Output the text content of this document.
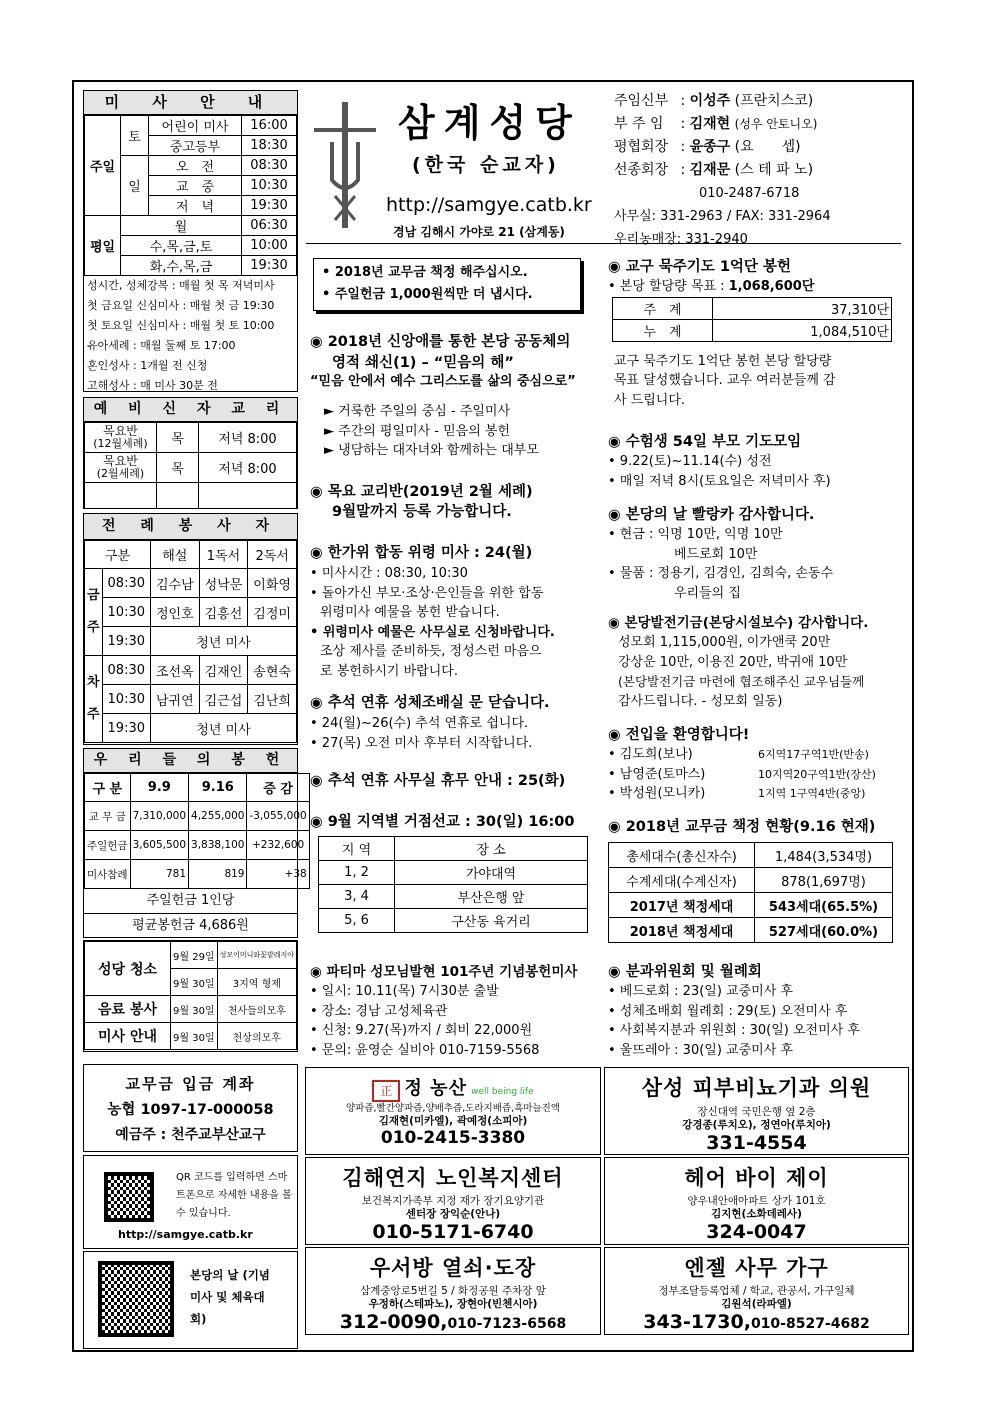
미 사 안 내
주일	토	어린이 미사	16:00
		중고등부	18:30
	일	오　전	08:30
		교　중	10:30
		저　녁	19:30
평일	월		06:30
	수,목,금,토		10:00
	화,수,목,금		19:30
성시간, 성체강복 : 매월 첫 목 저녁미사
첫 금요일 신심미사 : 매월 첫 금 19:30
첫 토요일 신심미사 : 매월 첫 토 10:00
유아세례 : 매월 둘째 토 17:00
혼인성사 : 1개월 전 신청
고해성사 : 매 미사 30분 전
예 비 신 자 교 리
목요반
(12월세례)	목	저녁 8:00
목요반
(2월세례)	목	저녁 8:00

전 례 봉 사 자
구분		해설	1독서	2독서
금주	08:30	김수남	성낙문	이화영
	10:30	정인호	김흥선	김정미
	19:30	청년 미사		
차주	08:30	조선옥	김재인	송현숙
	10:30	남귀연	김근섭	김난희
	19:30	청년 미사		
우 리 들 의 봉 헌
구 분	9.9	9.16	증 감
교 무 금	7,310,000	4,255,000	-3,055,000
주일헌금	3,605,500	3,838,100	+232,600
미사참례	781	819	+38
주일헌금 1인당
평균봉헌금 4,686원
성당 청소	9월 29일	성모어머니와꽃밭레지아
	9월 30일	3지역 형제
음료 봉사	9월 30일	천사들의모후
미사 안내	9월 30일	천상의모후
삼계성당
(한국 순교자)
http://samgye.catb.kr
경남 김해시 가야로 21 (삼계동)
주임신부 : 이성주 (프란치스코)
부 주 임 : 김재현 (성우 안토니오)
평협회장 : 윤종구 (요　　셉)
선종회장 : 김재문 (스 테 파 노)
010-2487-6718
사무실: 331-2963 / FAX: 331-2964
우리농매장: 331-2940
• 2018년 교무금 책정 해주십시오.
• 주일헌금 1,000원씩만 더 냅시다.
◉ 2018년 신앙애를 통한 본당 공동체의
영적 쇄신(1) – “믿음의 해”
“믿음 안에서 예수 그리스도를 삶의 중심으로”
► 거룩한 주일의 중심 - 주일미사
► 주간의 평일미사 - 믿음의 봉헌
► 냉담하는 대자녀와 함께하는 대부모
◉ 목요 교리반(2019년 2월 세례)
9월말까지 등록 가능합니다.
◉ 한가위 합동 위령 미사 : 24(월)
• 미사시간 : 08:30, 10:30
• 돌아가신 부모·조상·은인들을 위한 합동
위령미사 예물을 봉헌 받습니다.
• 위령미사 예물은 사무실로 신청바랍니다.
조상 제사를 준비하듯, 정성스런 마음으
로 봉헌하시기 바랍니다.
◉ 추석 연휴 성체조배실 문 닫습니다.
• 24(월)~26(수) 추석 연휴로 쉽니다.
• 27(목) 오전 미사 후부터 시작합니다.
◉ 추석 연휴 사무실 휴무 안내 : 25(화)
◉ 9월 지역별 거점선교 : 30(일) 16:00
지 역	장 소
1, 2	가야대역
3, 4	부산은행 앞
5, 6	구산동 육거리
◉ 파티마 성모님발현 101주년 기념봉헌미사
• 일시: 10.11(목) 7시30분 출발
• 장소: 경남 고성체육관
• 신청: 9.27(목)까지 / 회비 22,000원
• 문의: 윤영순 실비아 010-7159-5568
◉ 교구 묵주기도 1억단 봉헌
• 본당 할당량 목표 : 1,068,600단
주　계	37,310단
누　계	1,084,510단
교구 묵주기도 1억단 봉헌 본당 할당량
목표 달성했습니다. 교우 여러분들께 감
사 드립니다.
◉ 수험생 54일 부모 기도모임
• 9.22(토)~11.14(수) 성전
• 매일 저녁 8시(토요일은 저녁미사 후)
◉ 본당의 날 빨랑카 감사합니다.
• 현금 : 익명 10만, 익명 10만
베드로회 10만
• 물품 : 정용기, 김경인, 김희숙, 손동수
우리들의 집
◉ 본당발전기금(본당시설보수) 감사합니다.
성모회 1,115,000원, 이가앤쿡 20만
강상운 10만, 이용진 20만, 박귀애 10만
(본당발전기금 마련에 협조해주신 교우님들께
감사드립니다. - 성모회 일동)
◉ 전입을 환영합니다!
• 김도희(보나)	6지역17구역1반(반송)
• 남영준(토마스)	10지역20구역1반(장산)
• 박성원(모니카)	1지역 1구역4반(중앙)
◉ 2018년 교무금 책정 현황(9.16 현재)
총세대수(총신자수)	1,484(3,534명)
수계세대(수계신자)	878(1,697명)
2017년 책정세대	543세대(65.5%)
2018년 책정세대	527세대(60.0%)
◉ 분과위원회 및 월례회
• 베드로회 : 23(일) 교중미사 후
• 성체조배회 월례회 : 29(토) 오전미사 후
• 사회복지분과 위원회 : 30(일) 오전미사 후
• 울뜨레아 : 30(일) 교중미사 후
교무금 입금 계좌
농협 1097-17-000058
예금주 : 천주교부산교구
QR 코드를 입력하면 스마트폰으로 자세한 내용을 볼 수 있습니다.
http://samgye.catb.kr
본당의 날 (기념미사 및 체육대회)
正 정 농산 well being life
양파즙,빨간양파즙,양배추즙,도라지배즙,흑마늘진액
김재현(미카엘), 곽예정(소피아)
010-2415-3380
삼성 피부비뇨기과 의원
장신대역 국민은행 옆 2층
강경종(루치오), 정연아(루치아)
331-4554
김해연지 노인복지센터
보건복지가족부 지정 재가 장기요양기관
센터장 장익순(안나)
010-5171-6740
헤어 바이 제이
양우내안애아파트 상가 101호
김지현(소화데레사)
324-0047
우서방 열쇠·도장
삼계중앙로5번길 5 / 화정공원 주차장 앞
우정하(스테파노), 장현아(빈첸시아)
312-0090,010-7123-6568
엔젤 사무 가구
정부조달등록업체 / 학교, 관공서, 가구일체
김원석(라파엘)
343-1730,010-8527-4682
